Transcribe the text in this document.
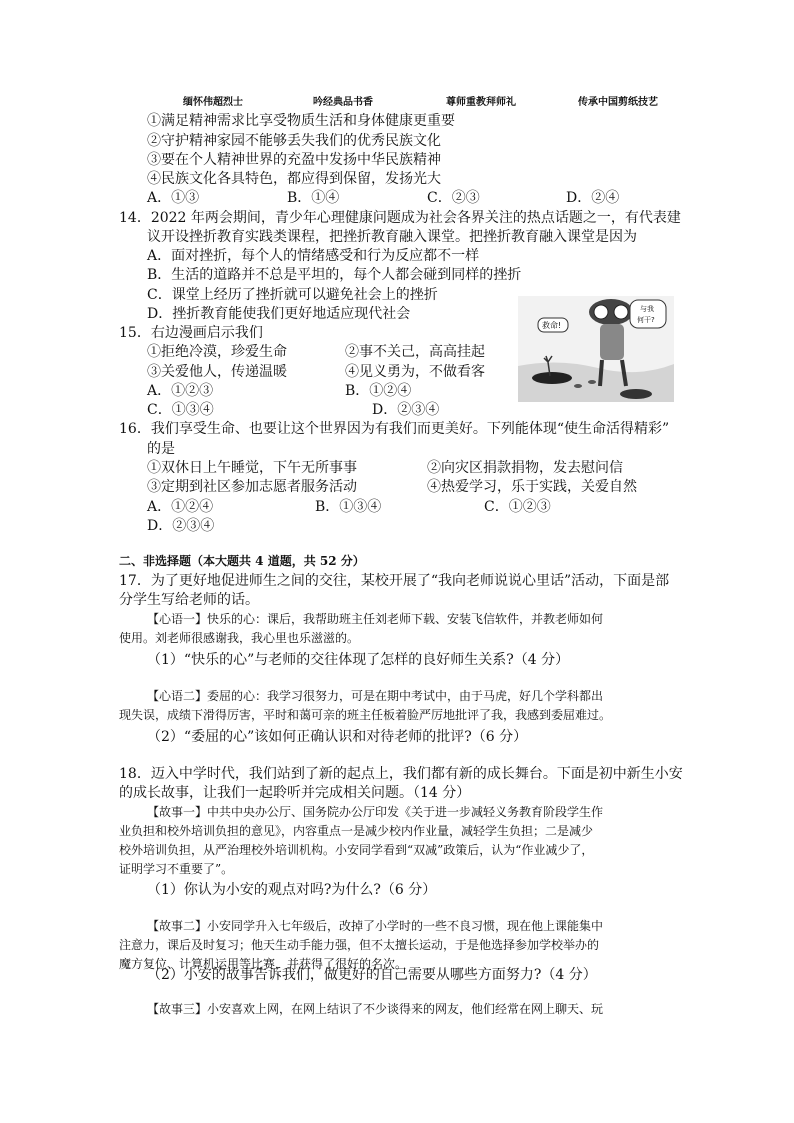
缅怀伟超烈士	吟经典品书香	尊师重教拜师礼	传承中国剪纸技艺
①满足精神需求比享受物质生活和身体健康更重要
②守护精神家园不能够丢失我们的优秀民族文化
③要在个人精神世界的充盈中发扬中华民族精神
④民族文化各具特色，都应得到保留，发扬光大
A．①③	B．①④	C．②③	D．②④
14．2022 年两会期间，青少年心理健康问题成为社会各界关注的热点话题之一，有代表建
议开设挫折教育实践类课程，把挫折教育融入课堂。把挫折教育融入课堂是因为
A．面对挫折，每个人的情绪感受和行为反应都不一样
B．生活的道路并不总是平坦的，每个人都会碰到同样的挫折
C．课堂上经历了挫折就可以避免社会上的挫折
D．挫折教育能使我们更好地适应现代社会
15．右边漫画启示我们
①拒绝冷漠，珍爱生命	②事不关己，高高挂起
③关爱他人，传递温暖	④见义勇为，不做看客
A．①②③	B．①②④
C．①③④	D．②③④
救命!
与我
何干?
16．我们享受生命、也要让这个世界因为有我们而更美好。下列能体现“使生命活得精彩”
的是
①双休日上午睡觉，下午无所事事	②向灾区捐款捐物，发去慰问信
③定期到社区参加志愿者服务活动	④热爱学习，乐于实践，关爱自然
A．①②④	B．①③④	C．①②③
D．②③④
二、非选择题（本大题共 4 道题，共 52 分）
17．为了更好地促进师生之间的交往，某校开展了“我向老师说说心里话”活动，下面是部
分学生写给老师的话。
【心语一】快乐的心：课后，我帮助班主任刘老师下载、安装飞信软件，并教老师如何
使用。刘老师很感谢我，我心里也乐滋滋的。
（1）“快乐的心”与老师的交往体现了怎样的良好师生关系?（4 分）
【心语二】委屈的心：我学习很努力，可是在期中考试中，由于马虎，好几个学科都出
现失误，成绩下滑得厉害，平时和蔼可亲的班主任板着脸严厉地批评了我，我感到委屈难过。
（2）“委屈的心”该如何正确认识和对待老师的批评?（6 分）
18．迈入中学时代，我们站到了新的起点上，我们都有新的成长舞台。下面是初中新生小安
的成长故事，让我们一起聆听并完成相关问题。（14 分）
【故事一】中共中央办公厅、国务院办公厅印发《关于进一步减轻义务教育阶段学生作
业负担和校外培训负担的意见》，内容重点一是减少校内作业量，减轻学生负担；二是减少
校外培训负担，从严治理校外培训机构。小安同学看到“双减”政策后，认为“作业减少了，
证明学习不重要了”。
（1）你认为小安的观点对吗?为什么?（6 分）
【故事二】小安同学升入七年级后，改掉了小学时的一些不良习惯，现在他上课能集中
注意力，课后及时复习；他天生动手能力强，但不太擅长运动，于是他选择参加学校举办的
魔方复位、计算机运用等比赛，并获得了很好的名次。
（2）小安的故事告诉我们，做更好的自己需要从哪些方面努力?（4 分）
【故事三】小安喜欢上网，在网上结识了不少谈得来的网友，他们经常在网上聊天、玩
